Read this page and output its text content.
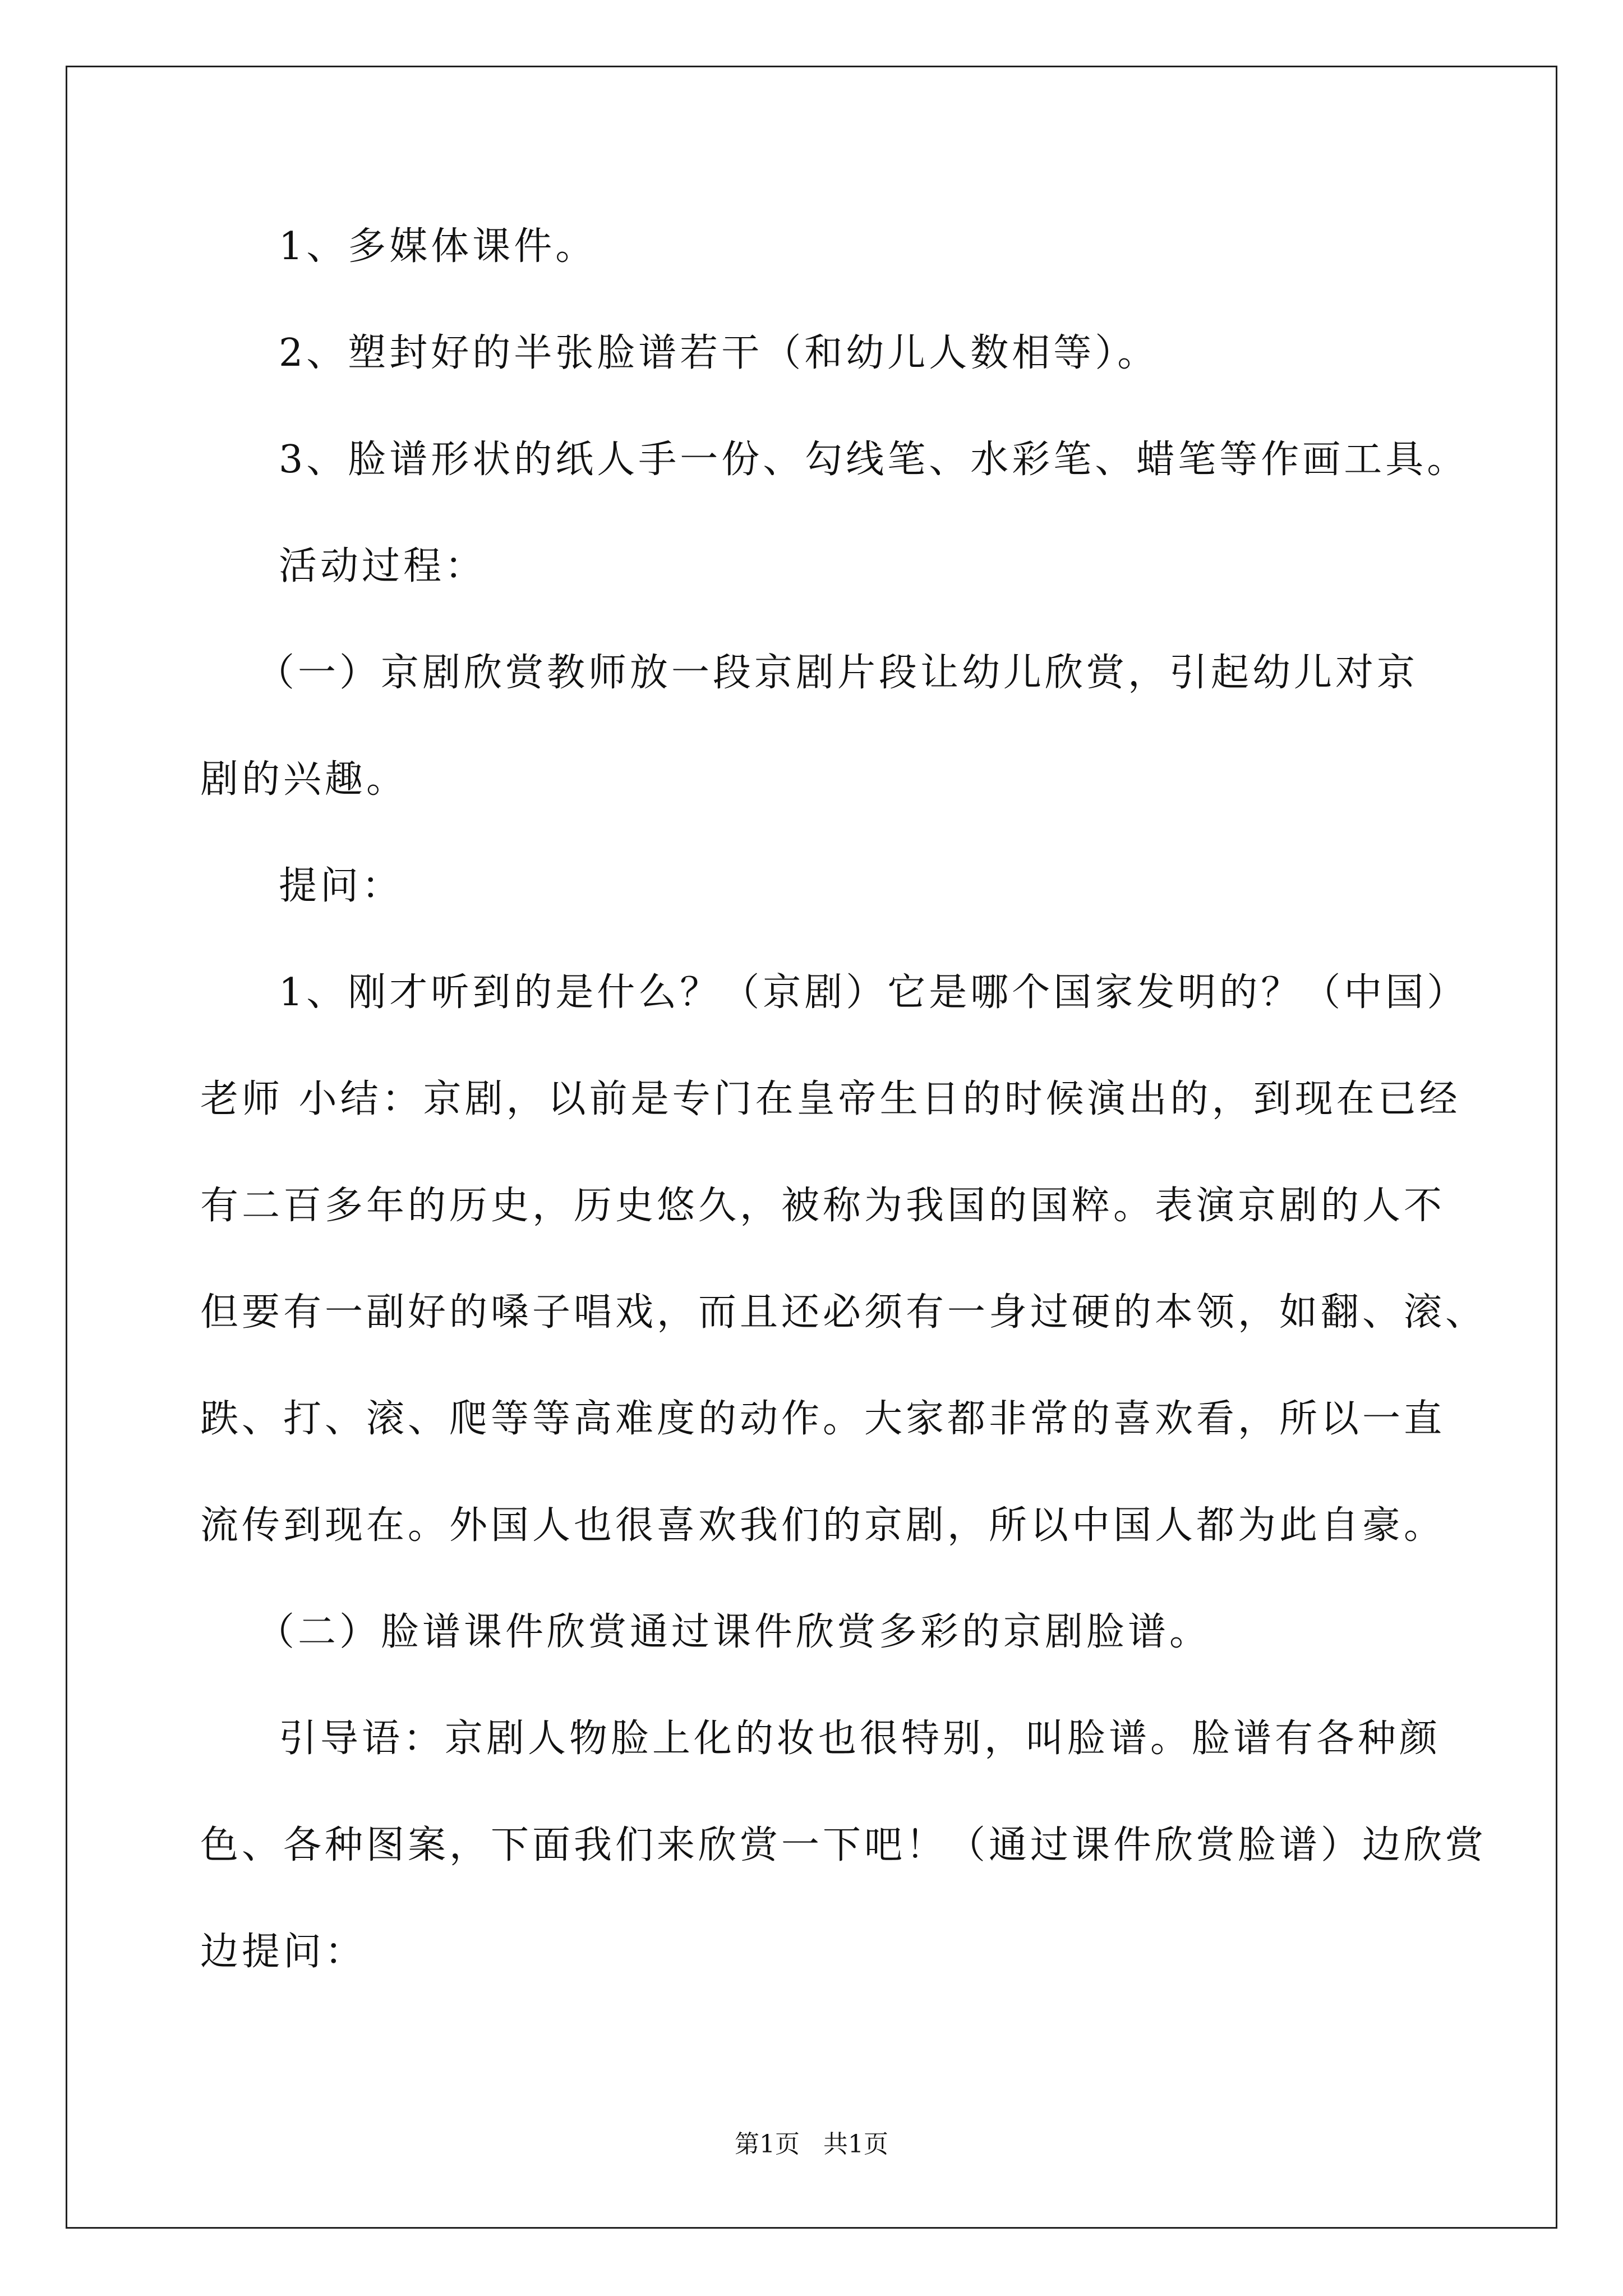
1、多媒体课件。
2、塑封好的半张脸谱若干（和幼儿人数相等）。
3、脸谱形状的纸人手一份、勾线笔、水彩笔、蜡笔等作画工具。
活动过程：
（一）京剧欣赏教师放一段京剧片段让幼儿欣赏，引起幼儿对京
剧的兴趣。
提问：
1、刚才听到的是什么？（京剧）它是哪个国家发明的？（中国）
老师 小结：京剧，以前是专门在皇帝生日的时候演出的，到现在已经
有二百多年的历史，历史悠久，被称为我国的国粹。表演京剧的人不
但要有一副好的嗓子唱戏，而且还必须有一身过硬的本领，如翻、滚、
跌、打、滚、爬等等高难度的动作。大家都非常的喜欢看，所以一直
流传到现在。外国人也很喜欢我们的京剧，所以中国人都为此自豪。
（二）脸谱课件欣赏通过课件欣赏多彩的京剧脸谱。
引导语：京剧人物脸上化的妆也很特别，叫脸谱。脸谱有各种颜
色、各种图案，下面我们来欣赏一下吧！（通过课件欣赏脸谱）边欣赏
边提问：
第1页   共1页
